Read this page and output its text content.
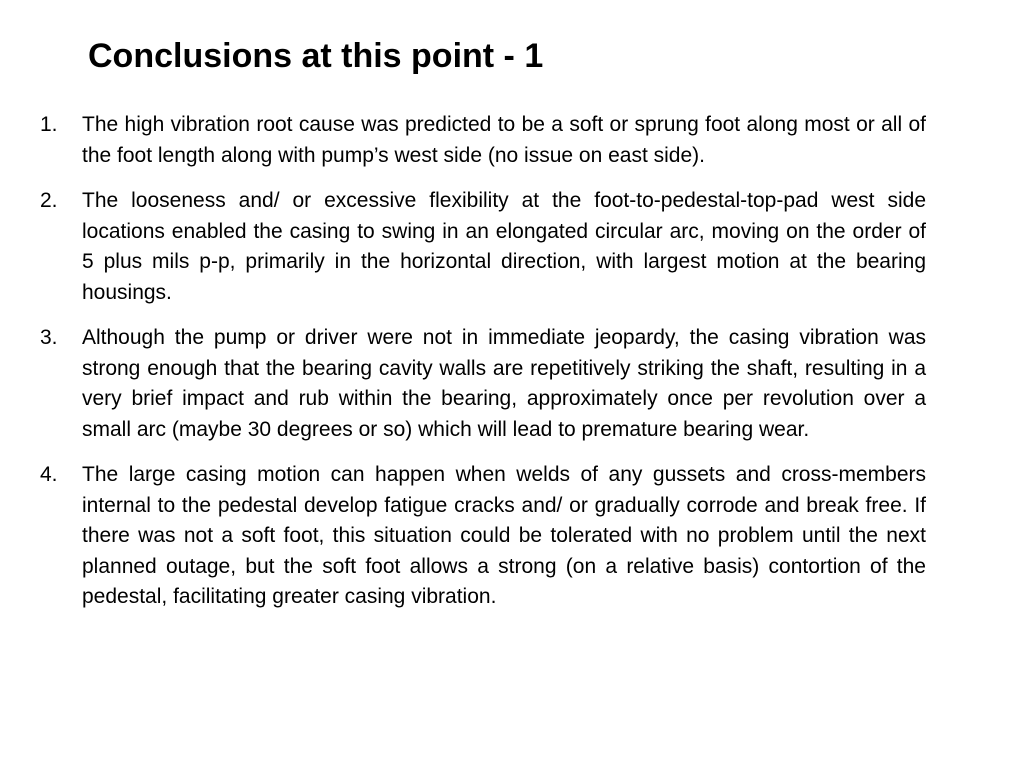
Conclusions at this point - 1
1.	The high vibration root cause was predicted to be a soft or sprung foot along most or all of the foot length along with pump’s west side (no issue on east side).
2.	The looseness and/ or excessive flexibility at the foot-to-pedestal-top-pad west side locations enabled the casing to swing in an elongated circular arc, moving on the order of 5 plus mils p-p, primarily in the horizontal direction, with largest motion at the bearing housings.
3.	Although the pump or driver were not in immediate jeopardy, the casing vibration was strong enough that the bearing cavity walls are repetitively striking the shaft, resulting in a very brief impact and rub within the bearing, approximately once per revolution over a small arc (maybe 30 degrees or so) which will lead to premature bearing wear.
4.	The large casing motion can happen when welds of any gussets and cross-members internal to the pedestal develop fatigue cracks and/ or gradually corrode and break free. If there was not a soft foot, this situation could be tolerated with no problem until the next planned outage, but the soft foot allows a strong (on a relative basis) contortion of the pedestal, facilitating greater casing vibration.
